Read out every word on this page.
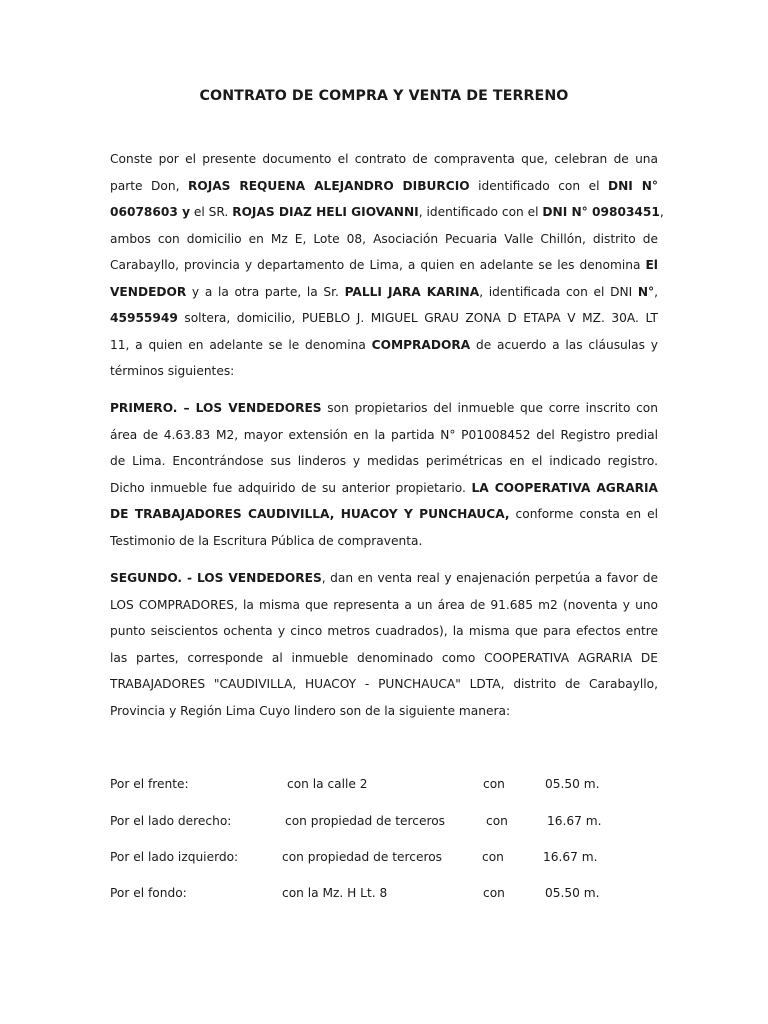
CONTRATO DE COMPRA Y VENTA DE TERRENO
Conste por el presente documento el contrato de compraventa que, celebran de una
parte Don, ROJAS REQUENA ALEJANDRO DIBURCIO identificado con el DNI N°
06078603 y el SR. ROJAS DIAZ HELI GIOVANNI, identificado con el DNI N° 09803451,
ambos con domicilio en Mz E, Lote 08, Asociación Pecuaria Valle Chillón, distrito de
Carabayllo, provincia y departamento de Lima, a quien en adelante se les denomina El
VENDEDOR y a la otra parte, la Sr. PALLI JARA KARINA, identificada con el DNI N°,
45955949 soltera, domicilio, PUEBLO J. MIGUEL GRAU ZONA D ETAPA V MZ. 30A. LT
11, a quien en adelante se le denomina COMPRADORA de acuerdo a las cláusulas y
términos siguientes:
PRIMERO. – LOS VENDEDORES son propietarios del inmueble que corre inscrito con
área de 4.63.83 M2, mayor extensión en la partida N° P01008452 del Registro predial
de Lima. Encontrándose sus linderos y medidas perimétricas en el indicado registro.
Dicho inmueble fue adquirido de su anterior propietario. LA COOPERATIVA AGRARIA
DE TRABAJADORES CAUDIVILLA, HUACOY Y PUNCHAUCA, conforme consta en el
Testimonio de la Escritura Pública de compraventa.
SEGUNDO. - LOS VENDEDORES, dan en venta real y enajenación perpetúa a favor de
LOS COMPRADORES, la misma que representa a un área de 91.685 m2 (noventa y uno
punto seiscientos ochenta y cinco metros cuadrados), la misma que para efectos entre
las partes, corresponde al inmueble denominado como COOPERATIVA AGRARIA DE
TRABAJADORES "CAUDIVILLA, HUACOY - PUNCHAUCA" LDTA, distrito de Carabayllo,
Provincia y Región Lima Cuyo lindero son de la siguiente manera:
Por el frente:	con la calle 2	con	05.50 m.
Por el lado derecho:	con propiedad de terceros	con	16.67 m.
Por el lado izquierdo:	con propiedad de terceros	con	16.67 m.
Por el fondo:	con la Mz. H Lt. 8	con	05.50 m.
